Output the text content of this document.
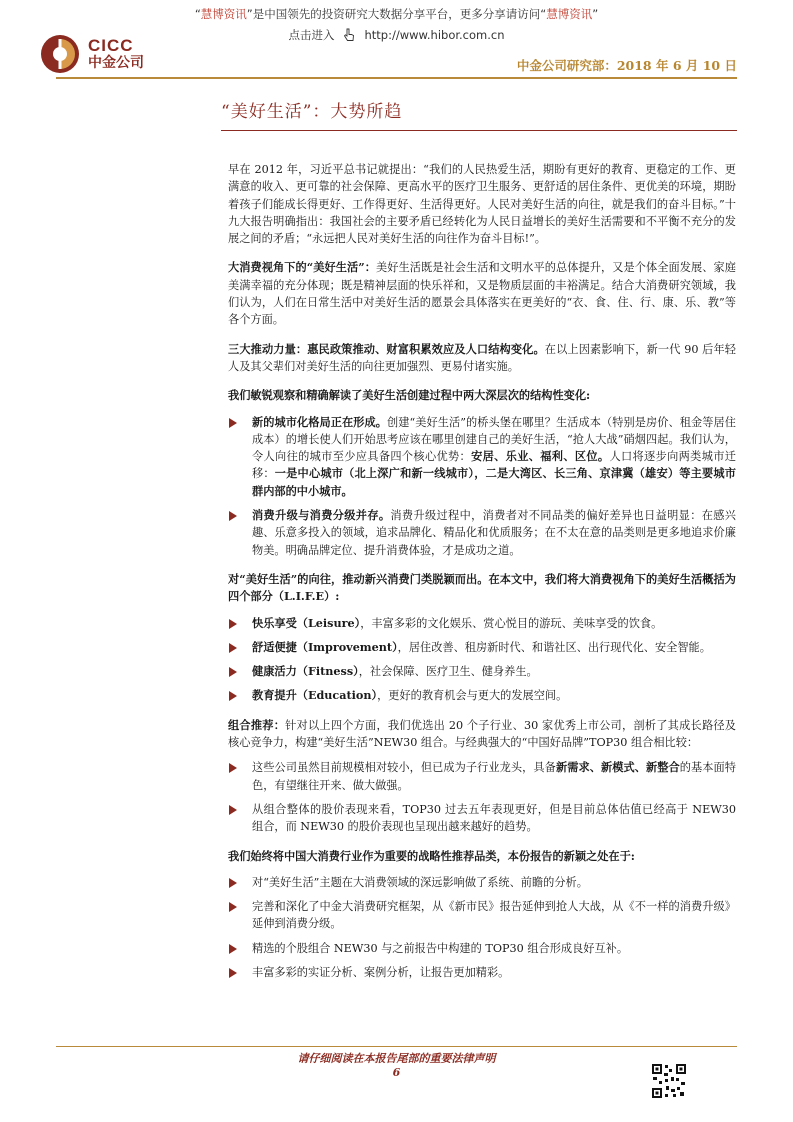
“慧博资讯”是中国领先的投资研究大数据分享平台，更多分享请访问“慧博资讯”
点击进入	http://www.hibor.com.cn
CICC
中金公司	中金公司研究部：2018 年 6 月 10 日
“美好生活”：大势所趋

早在 2012 年，习近平总书记就提出：“我们的人民热爱生活，期盼有更好的教育、更稳定的工作、更满意的收入、更可靠的社会保障、更高水平的医疗卫生服务、更舒适的居住条件、更优美的环境，期盼着孩子们能成长得更好、工作得更好、生活得更好。人民对美好生活的向往，就是我们的奋斗目标。”十九大报告明确指出：我国社会的主要矛盾已经转化为人民日益增长的美好生活需要和不平衡不充分的发展之间的矛盾；“永远把人民对美好生活的向往作为奋斗目标!”。

大消费视角下的“美好生活”：美好生活既是社会生活和文明水平的总体提升，又是个体全面发展、家庭美满幸福的充分体现；既是精神层面的快乐祥和，又是物质层面的丰裕满足。结合大消费研究领域，我们认为，人们在日常生活中对美好生活的愿景会具体落实在更美好的“衣、食、住、行、康、乐、教”等各个方面。

三大推动力量：惠民政策推动、财富积累效应及人口结构变化。在以上因素影响下，新一代 90 后年轻人及其父辈们对美好生活的向往更加强烈、更易付诸实施。

我们敏锐观察和精确解读了美好生活创建过程中两大深层次的结构性变化:
新的城市化格局正在形成。创建“美好生活”的桥头堡在哪里？生活成本（特别是房价、租金等居住成本）的增长使人们开始思考应该在哪里创建自己的美好生活，“抢人大战”硝烟四起。我们认为，令人向往的城市至少应具备四个核心优势：安居、乐业、福利、区位。人口将逐步向两类城市迁移：一是中心城市（北上深广和新一线城市），二是大湾区、长三角、京津冀（雄安）等主要城市群内部的中小城市。
消费升级与消费分级并存。消费升级过程中，消费者对不同品类的偏好差异也日益明显：在感兴趣、乐意多投入的领域，追求品牌化、精品化和优质服务；在不太在意的品类则是更多地追求价廉物美。明确品牌定位、提升消费体验，才是成功之道。
对“美好生活”的向往，推动新兴消费门类脱颖而出。在本文中，我们将大消费视角下的美好生活概括为四个部分（L.I.F.E）:
快乐享受（Leisure），丰富多彩的文化娱乐、赏心悦目的游玩、美味享受的饮食。
舒适便捷（Improvement），居住改善、租房新时代、和谐社区、出行现代化、安全智能。
健康活力（Fitness），社会保障、医疗卫生、健身养生。
教育提升（Education），更好的教育机会与更大的发展空间。

组合推荐：针对以上四个方面，我们优选出 20 个子行业、30 家优秀上市公司，剖析了其成长路径及核心竞争力，构建“美好生活”NEW30 组合。与经典强大的“中国好品牌”TOP30 组合相比较：

这些公司虽然目前规模相对较小，但已成为子行业龙头，具备新需求、新模式、新整合的基本面特色，有望继往开来、做大做强。
从组合整体的股价表现来看，TOP30 过去五年表现更好，但是目前总体估值已经高于 NEW30 组合，而 NEW30 的股价表现也呈现出越来越好的趋势。
我们始终将中国大消费行业作为重要的战略性推荐品类，本份报告的新颖之处在于:
对“美好生活”主题在大消费领域的深远影响做了系统、前瞻的分析。
完善和深化了中金大消费研究框架，从《新市民》报告延伸到抢人大战，从《不一样的消费升级》延伸到消费分级。
精选的个股组合 NEW30 与之前报告中构建的 TOP30 组合形成良好互补。
丰富多彩的实证分析、案例分析，让报告更加精彩。
请仔细阅读在本报告尾部的重要法律声明
6
